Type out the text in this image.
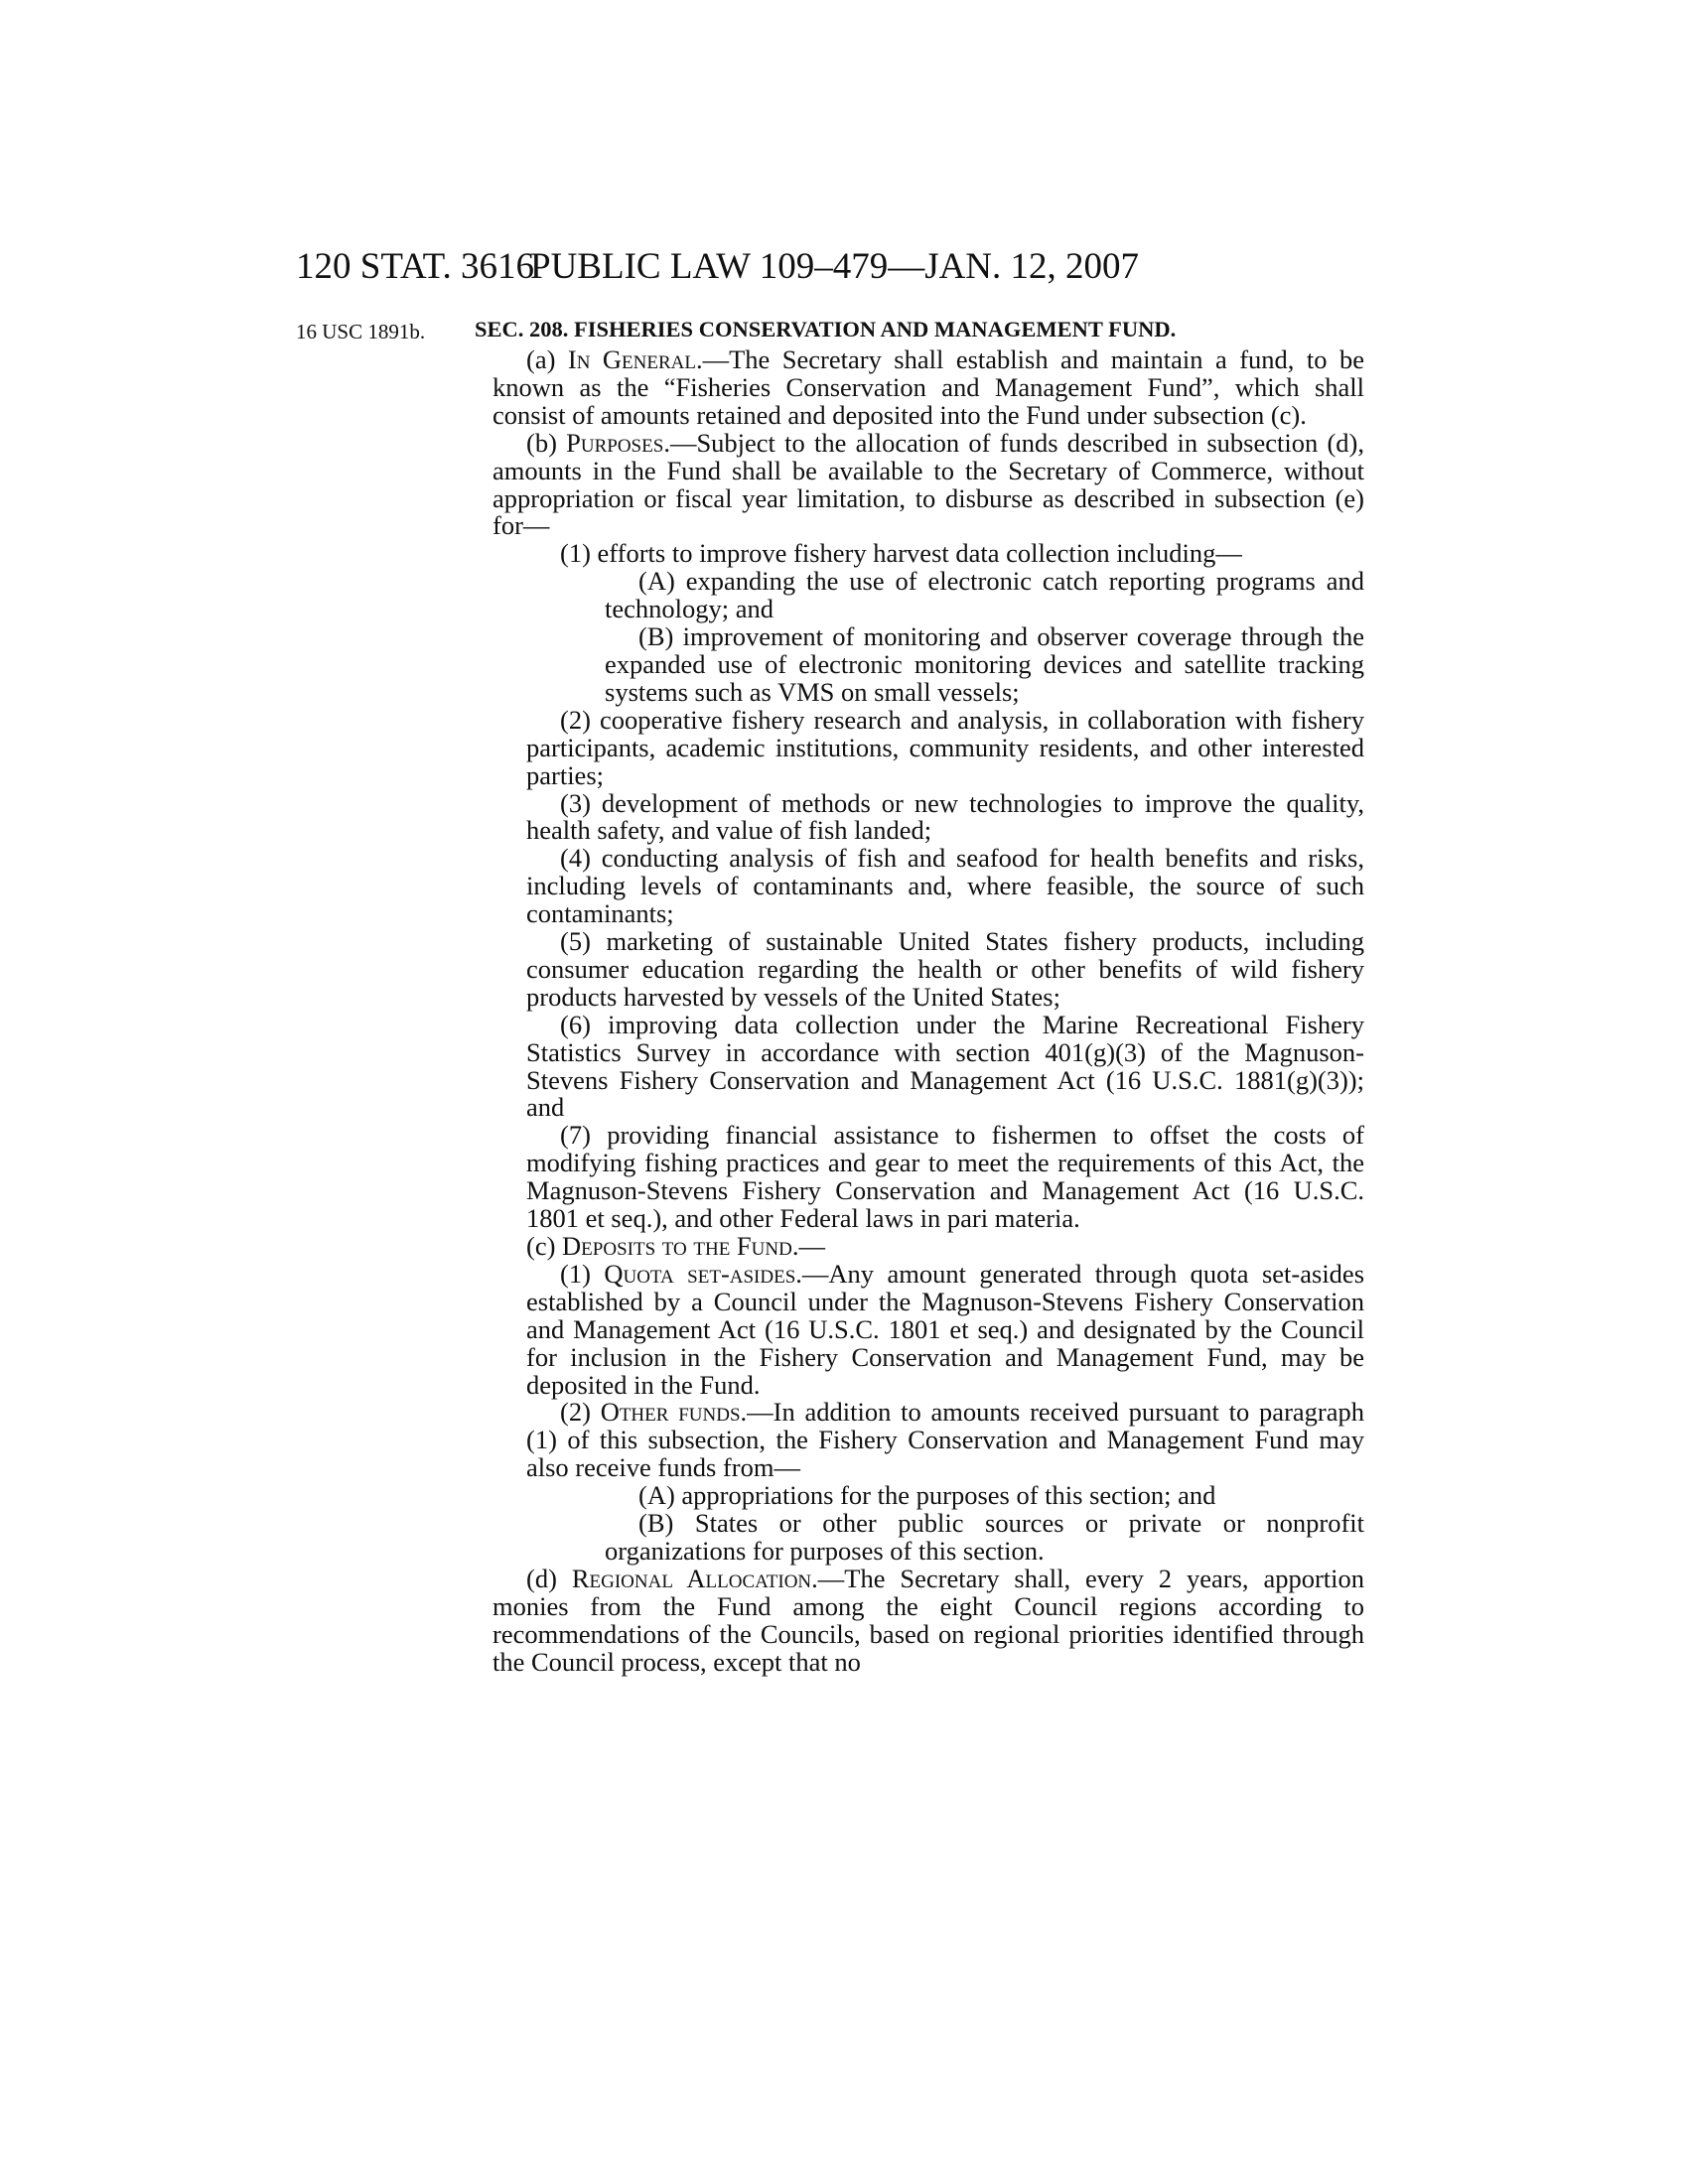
120 STAT. 3616
PUBLIC LAW 109–479—JAN. 12, 2007
16 USC 1891b. SEC. 208. FISHERIES CONSERVATION AND MANAGEMENT FUND.

(a) In General.—The Secretary shall establish and maintain a fund, to be known as the “Fisheries Conservation and Management Fund”, which shall consist of amounts retained and deposited into the Fund under subsection (c).

(b) Purposes.—Subject to the allocation of funds described in subsection (d), amounts in the Fund shall be available to the Secretary of Commerce, without appropriation or fiscal year limitation, to disburse as described in subsection (e) for—

(1) efforts to improve fishery harvest data collection including—

(A) expanding the use of electronic catch reporting programs and technology; and

(B) improvement of monitoring and observer coverage through the expanded use of electronic monitoring devices and satellite tracking systems such as VMS on small vessels;

(2) cooperative fishery research and analysis, in collaboration with fishery participants, academic institutions, community residents, and other interested parties;

(3) development of methods or new technologies to improve the quality, health safety, and value of fish landed;

(4) conducting analysis of fish and seafood for health benefits and risks, including levels of contaminants and, where feasible, the source of such contaminants;

(5) marketing of sustainable United States fishery products, including consumer education regarding the health or other benefits of wild fishery products harvested by vessels of the United States;

(6) improving data collection under the Marine Recreational Fishery Statistics Survey in accordance with section 401(g)(3) of the Magnuson-Stevens Fishery Conservation and Management Act (16 U.S.C. 1881(g)(3)); and

(7) providing financial assistance to fishermen to offset the costs of modifying fishing practices and gear to meet the requirements of this Act, the Magnuson-Stevens Fishery Conservation and Management Act (16 U.S.C. 1801 et seq.), and other Federal laws in pari materia.

(c) Deposits to the Fund.—

(1) Quota set-asides.—Any amount generated through quota set-asides established by a Council under the Magnuson-Stevens Fishery Conservation and Management Act (16 U.S.C. 1801 et seq.) and designated by the Council for inclusion in the Fishery Conservation and Management Fund, may be deposited in the Fund.

(2) Other funds.—In addition to amounts received pursuant to paragraph (1) of this subsection, the Fishery Conservation and Management Fund may also receive funds from—

(A) appropriations for the purposes of this section; and

(B) States or other public sources or private or nonprofit organizations for purposes of this section.

(d) Regional Allocation.—The Secretary shall, every 2 years, apportion monies from the Fund among the eight Council regions according to recommendations of the Councils, based on regional priorities identified through the Council process, except that no
